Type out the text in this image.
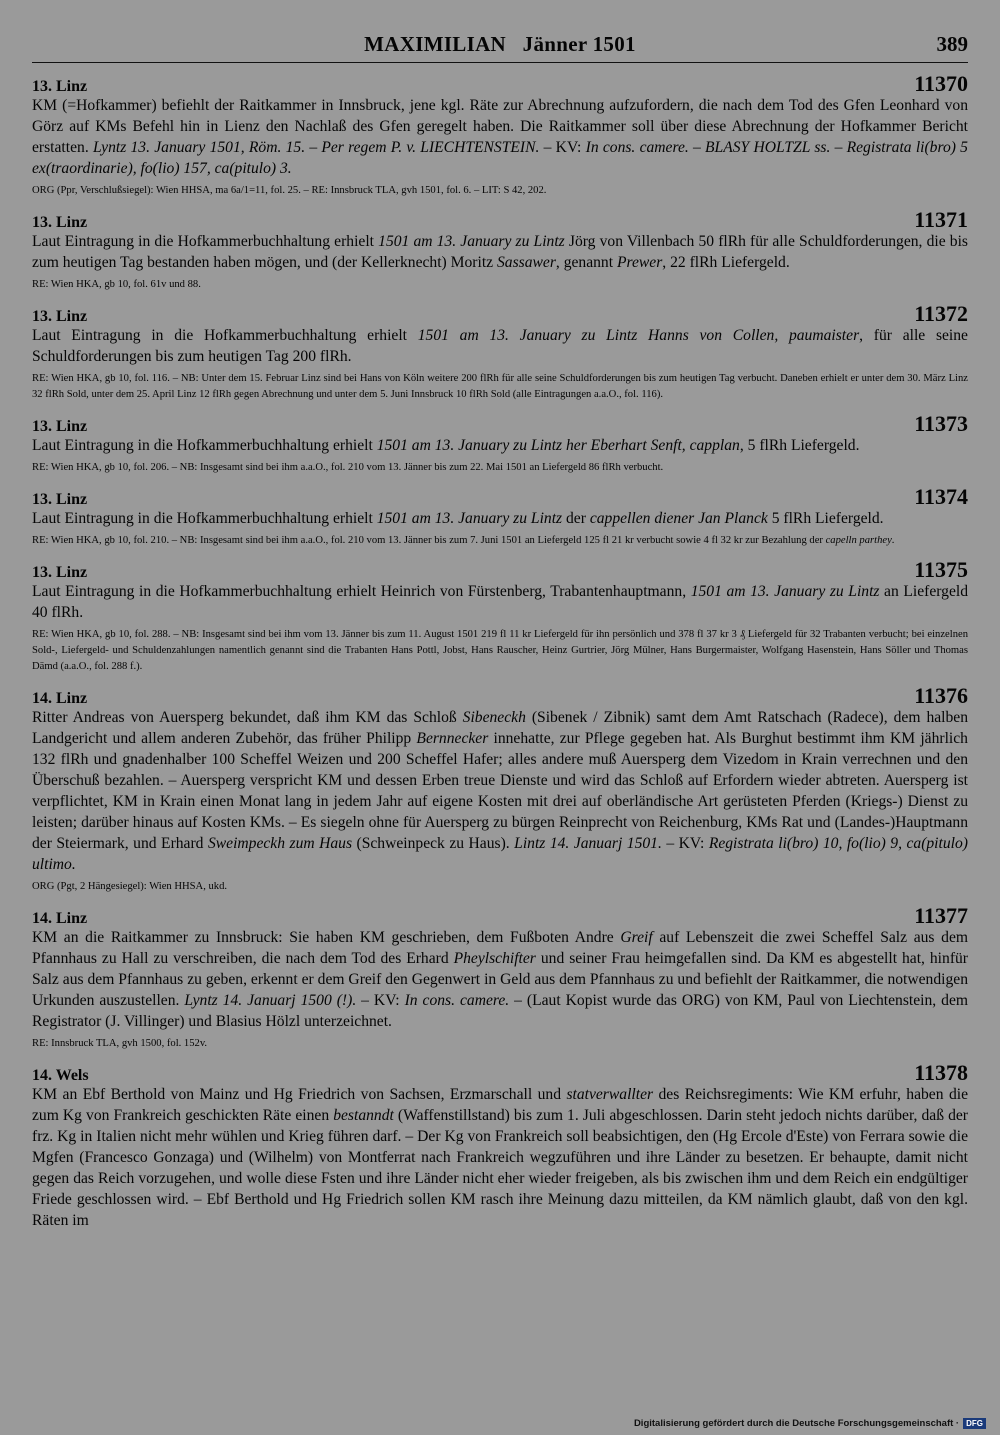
MAXIMILIAN   Jänner 1501	389
13. Linz	11370

KM (=Hofkammer) befiehlt der Raitkammer in Innsbruck, jene kgl. Räte zur Abrechnung aufzufordern, die nach dem Tod des Gfen Leonhard von Görz auf KMs Befehl hin in Lienz den Nachlaß des Gfen geregelt haben. Die Raitkammer soll über diese Abrechnung der Hofkammer Bericht erstatten. Lyntz 13. January 1501, Röm. 15. – Per regem P. v. LIECHTENSTEIN. – KV: In cons. camere. – BLASY HOLTZL ss. – Registrata li(bro) 5 ex(traordinarie), fo(lio) 157, ca(pitulo) 3.

ORG (Ppr, Verschlußsiegel): Wien HHSA, ma 6a/1=11, fol. 25. – RE: Innsbruck TLA, gvh 1501, fol. 6. – LIT: S 42, 202.

13. Linz	11371

Laut Eintragung in die Hofkammerbuchhaltung erhielt 1501 am 13. January zu Lintz Jörg von Villenbach 50 flRh für alle Schuldforderungen, die bis zum heutigen Tag bestanden haben mögen, und (der Kellerknecht) Moritz Sassawer, genannt Prewer, 22 flRh Liefergeld.

RE: Wien HKA, gb 10, fol. 61v und 88.

13. Linz	11372

Laut Eintragung in die Hofkammerbuchhaltung erhielt 1501 am 13. January zu Lintz Hanns von Collen, paumaister, für alle seine Schuldforderungen bis zum heutigen Tag 200 flRh.

RE: Wien HKA, gb 10, fol. 116. – NB: Unter dem 15. Februar Linz sind bei Hans von Köln weitere 200 flRh für alle seine Schuldforderungen bis zum heutigen Tag verbucht. Daneben erhielt er unter dem 30. März Linz 32 flRh Sold, unter dem 25. April Linz 12 flRh gegen Abrechnung und unter dem 5. Juni Innsbruck 10 flRh Sold (alle Eintragungen a.a.O., fol. 116).

13. Linz	11373

Laut Eintragung in die Hofkammerbuchhaltung erhielt 1501 am 13. January zu Lintz her Eberhart Senft, capplan, 5 flRh Liefergeld.

RE: Wien HKA, gb 10, fol. 206. – NB: Insgesamt sind bei ihm a.a.O., fol. 210 vom 13. Jänner bis zum 22. Mai 1501 an Liefergeld 86 flRh verbucht.

13. Linz	11374

Laut Eintragung in die Hofkammerbuchhaltung erhielt 1501 am 13. January zu Lintz der cappellen diener Jan Planck 5 flRh Liefergeld.

RE: Wien HKA, gb 10, fol. 210. – NB: Insgesamt sind bei ihm a.a.O., fol. 210 vom 13. Jänner bis zum 7. Juni 1501 an Liefergeld 125 fl 21 kr verbucht sowie 4 fl 32 kr zur Bezahlung der capelln parthey.

13. Linz	11375

Laut Eintragung in die Hofkammerbuchhaltung erhielt Heinrich von Fürstenberg, Trabantenhauptmann, 1501 am 13. January zu Lintz an Liefergeld 40 flRh.

RE: Wien HKA, gb 10, fol. 288. – NB: Insgesamt sind bei ihm vom 13. Jänner bis zum 11. August 1501 219 fl 11 kr Liefergeld für ihn persönlich und 378 fl 37 kr 3 ₰ Liefergeld für 32 Trabanten verbucht; bei einzelnen Sold-, Liefergeld- und Schuldenzahlungen namentlich genannt sind die Trabanten Hans Pottl, Jobst, Hans Rauscher, Heinz Gurtrier, Jörg Mülner, Hans Burgermaister, Wolfgang Hasenstein, Hans Söller und Thomas Dämd (a.a.O., fol. 288 f.).

14. Linz	11376

Ritter Andreas von Auersperg bekundet, daß ihm KM das Schloß Sibeneckh (Sibenek / Zibnik) samt dem Amt Ratschach (Radece), dem halben Landgericht und allem anderen Zubehör, das früher Philipp Bernnecker innehatte, zur Pflege gegeben hat. Als Burghut bestimmt ihm KM jährlich 132 flRh und gnadenhalber 100 Scheffel Weizen und 200 Scheffel Hafer; alles andere muß Auersperg dem Vizedom in Krain verrechnen und den Überschuß bezahlen. – Auersperg verspricht KM und dessen Erben treue Dienste und wird das Schloß auf Erfordern wieder abtreten. Auersperg ist verpflichtet, KM in Krain einen Monat lang in jedem Jahr auf eigene Kosten mit drei auf oberländische Art gerüsteten Pferden (Kriegs-) Dienst zu leisten; darüber hinaus auf Kosten KMs. – Es siegeln ohne für Auersperg zu bürgen Reinprecht von Reichenburg, KMs Rat und (Landes-)Hauptmann der Steiermark, und Erhard Sweimpeckh zum Haus (Schweinpeck zu Haus). Lintz 14. Januarj 1501. – KV: Registrata li(bro) 10, fo(lio) 9, ca(pitulo) ultimo.

ORG (Pgt, 2 Hängesiegel): Wien HHSA, ukd.

14. Linz	11377

KM an die Raitkammer zu Innsbruck: Sie haben KM geschrieben, dem Fußboten Andre Greif auf Lebenszeit die zwei Scheffel Salz aus dem Pfannhaus zu Hall zu verschreiben, die nach dem Tod des Erhard Pheylschifter und seiner Frau heimgefallen sind. Da KM es abgestellt hat, hinfür Salz aus dem Pfannhaus zu geben, erkennt er dem Greif den Gegenwert in Geld aus dem Pfannhaus zu und befiehlt der Raitkammer, die notwendigen Urkunden auszustellen. Lyntz 14. Januarj 1500 (!). – KV: In cons. camere. – (Laut Kopist wurde das ORG) von KM, Paul von Liechtenstein, dem Registrator (J. Villinger) und Blasius Hölzl unterzeichnet.

RE: Innsbruck TLA, gvh 1500, fol. 152v.

14. Wels	11378

KM an Ebf Berthold von Mainz und Hg Friedrich von Sachsen, Erzmarschall und statverwallter des Reichsregiments: Wie KM erfuhr, haben die zum Kg von Frankreich geschickten Räte einen bestanndt (Waffenstillstand) bis zum 1. Juli abgeschlossen. Darin steht jedoch nichts darüber, daß der frz. Kg in Italien nicht mehr wühlen und Krieg führen darf. – Der Kg von Frankreich soll beabsichtigen, den (Hg Ercole d'Este) von Ferrara sowie die Mgfen (Francesco Gonzaga) und (Wilhelm) von Montferrat nach Frankreich wegzuführen und ihre Länder zu besetzen. Er behaupte, damit nicht gegen das Reich vorzugehen, und wolle diese Fsten und ihre Länder nicht eher wieder freigeben, als bis zwischen ihm und dem Reich ein endgültiger Friede geschlossen wird. – Ebf Berthold und Hg Friedrich sollen KM rasch ihre Meinung dazu mitteilen, da KM nämlich glaubt, daß von den kgl. Räten im

Digitalisierung gefördert durch die Deutsche Forschungsgemeinschaft · DFG
